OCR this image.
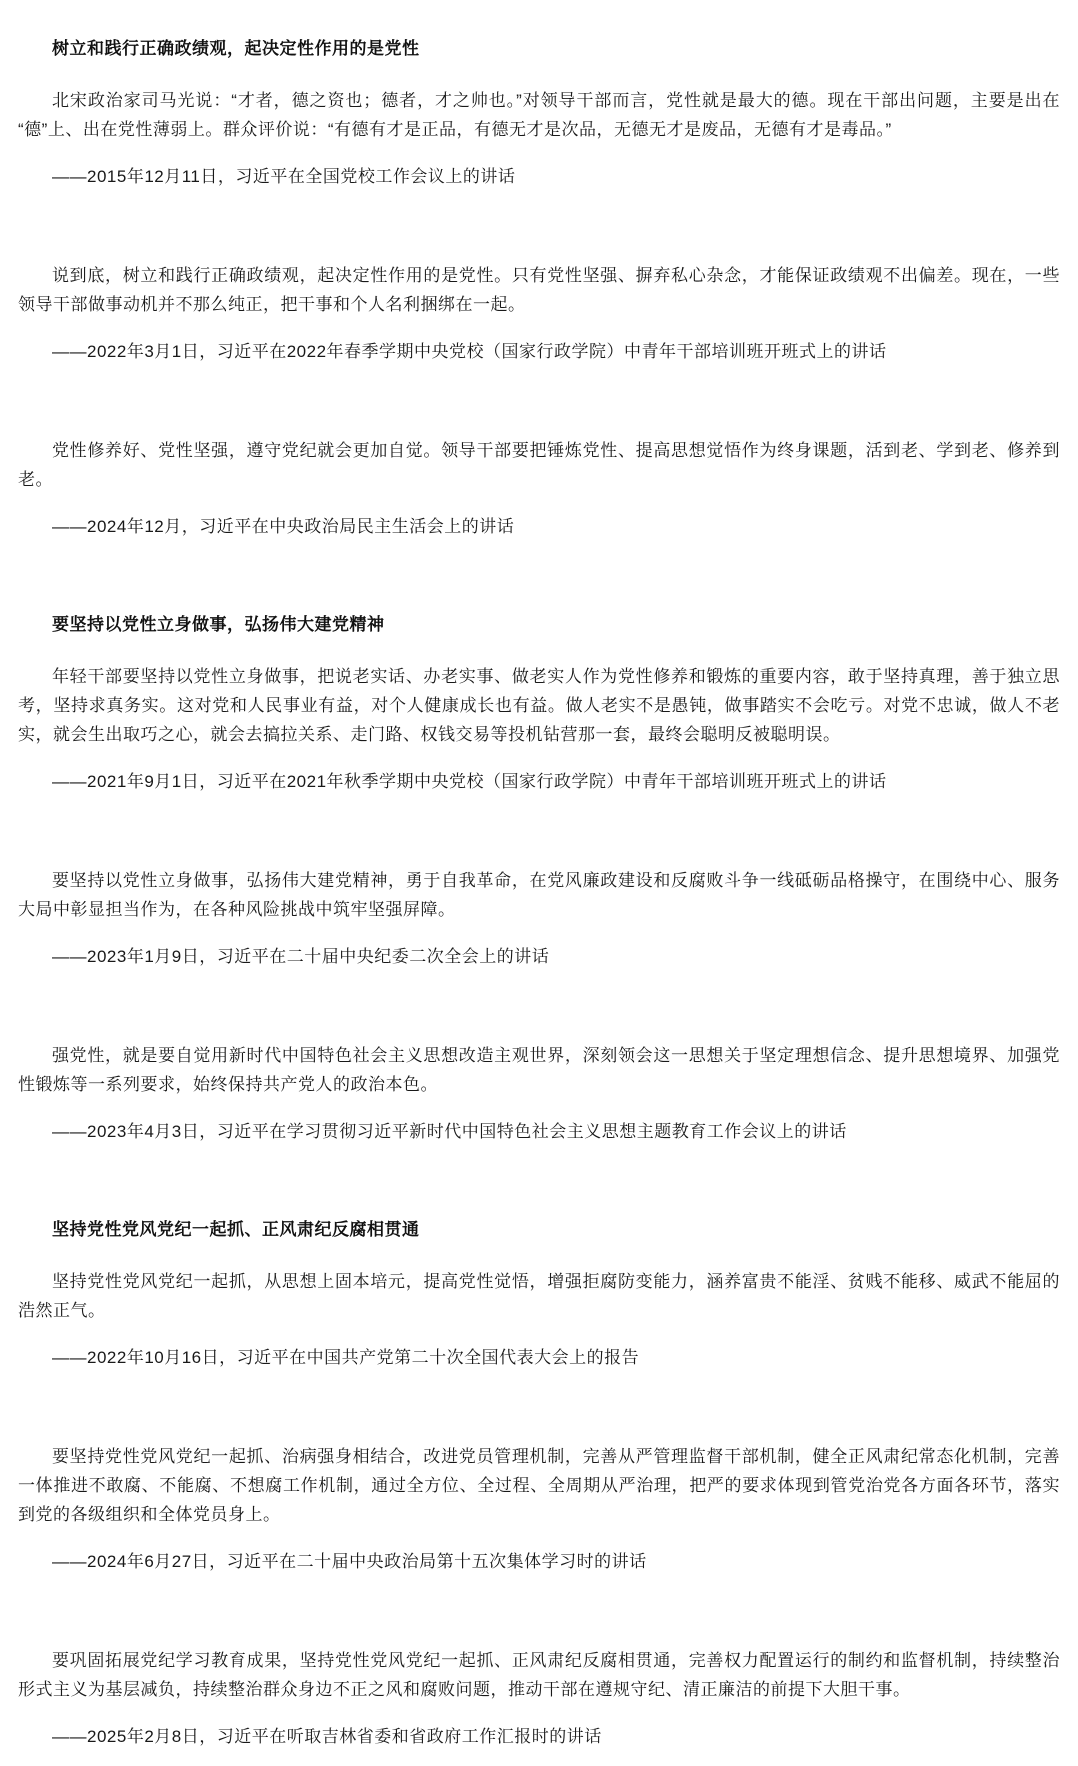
树立和践行正确政绩观，起决定性作用的是党性

北宋政治家司马光说：“才者，德之资也；德者，才之帅也。”对领导干部而言，党性就是最大的德。现在干部出问题，主要是出在“德”上、出在党性薄弱上。群众评价说：“有德有才是正品，有德无才是次品，无德无才是废品，无德有才是毒品。”

——2015年12月11日，习近平在全国党校工作会议上的讲话

说到底，树立和践行正确政绩观，起决定性作用的是党性。只有党性坚强、摒弃私心杂念，才能保证政绩观不出偏差。现在，一些领导干部做事动机并不那么纯正，把干事和个人名利捆绑在一起。

——2022年3月1日，习近平在2022年春季学期中央党校（国家行政学院）中青年干部培训班开班式上的讲话

党性修养好、党性坚强，遵守党纪就会更加自觉。领导干部要把锤炼党性、提高思想觉悟作为终身课题，活到老、学到老、修养到老。

——2024年12月，习近平在中央政治局民主生活会上的讲话

要坚持以党性立身做事，弘扬伟大建党精神

年轻干部要坚持以党性立身做事，把说老实话、办老实事、做老实人作为党性修养和锻炼的重要内容，敢于坚持真理，善于独立思考，坚持求真务实。这对党和人民事业有益，对个人健康成长也有益。做人老实不是愚钝，做事踏实不会吃亏。对党不忠诚，做人不老实，就会生出取巧之心，就会去搞拉关系、走门路、权钱交易等投机钻营那一套，最终会聪明反被聪明误。

——2021年9月1日，习近平在2021年秋季学期中央党校（国家行政学院）中青年干部培训班开班式上的讲话

要坚持以党性立身做事，弘扬伟大建党精神，勇于自我革命，在党风廉政建设和反腐败斗争一线砥砺品格操守，在围绕中心、服务大局中彰显担当作为，在各种风险挑战中筑牢坚强屏障。

——2023年1月9日，习近平在二十届中央纪委二次全会上的讲话

强党性，就是要自觉用新时代中国特色社会主义思想改造主观世界，深刻领会这一思想关于坚定理想信念、提升思想境界、加强党性锻炼等一系列要求，始终保持共产党人的政治本色。

——2023年4月3日，习近平在学习贯彻习近平新时代中国特色社会主义思想主题教育工作会议上的讲话

坚持党性党风党纪一起抓、正风肃纪反腐相贯通

坚持党性党风党纪一起抓，从思想上固本培元，提高党性觉悟，增强拒腐防变能力，涵养富贵不能淫、贫贱不能移、威武不能屈的浩然正气。

——2022年10月16日，习近平在中国共产党第二十次全国代表大会上的报告

要坚持党性党风党纪一起抓、治病强身相结合，改进党员管理机制，完善从严管理监督干部机制，健全正风肃纪常态化机制，完善一体推进不敢腐、不能腐、不想腐工作机制，通过全方位、全过程、全周期从严治理，把严的要求体现到管党治党各方面各环节，落实到党的各级组织和全体党员身上。

——2024年6月27日，习近平在二十届中央政治局第十五次集体学习时的讲话

要巩固拓展党纪学习教育成果，坚持党性党风党纪一起抓、正风肃纪反腐相贯通，完善权力配置运行的制约和监督机制，持续整治形式主义为基层减负，持续整治群众身边不正之风和腐败问题，推动干部在遵规守纪、清正廉洁的前提下大胆干事。

——2025年2月8日，习近平在听取吉林省委和省政府工作汇报时的讲话
